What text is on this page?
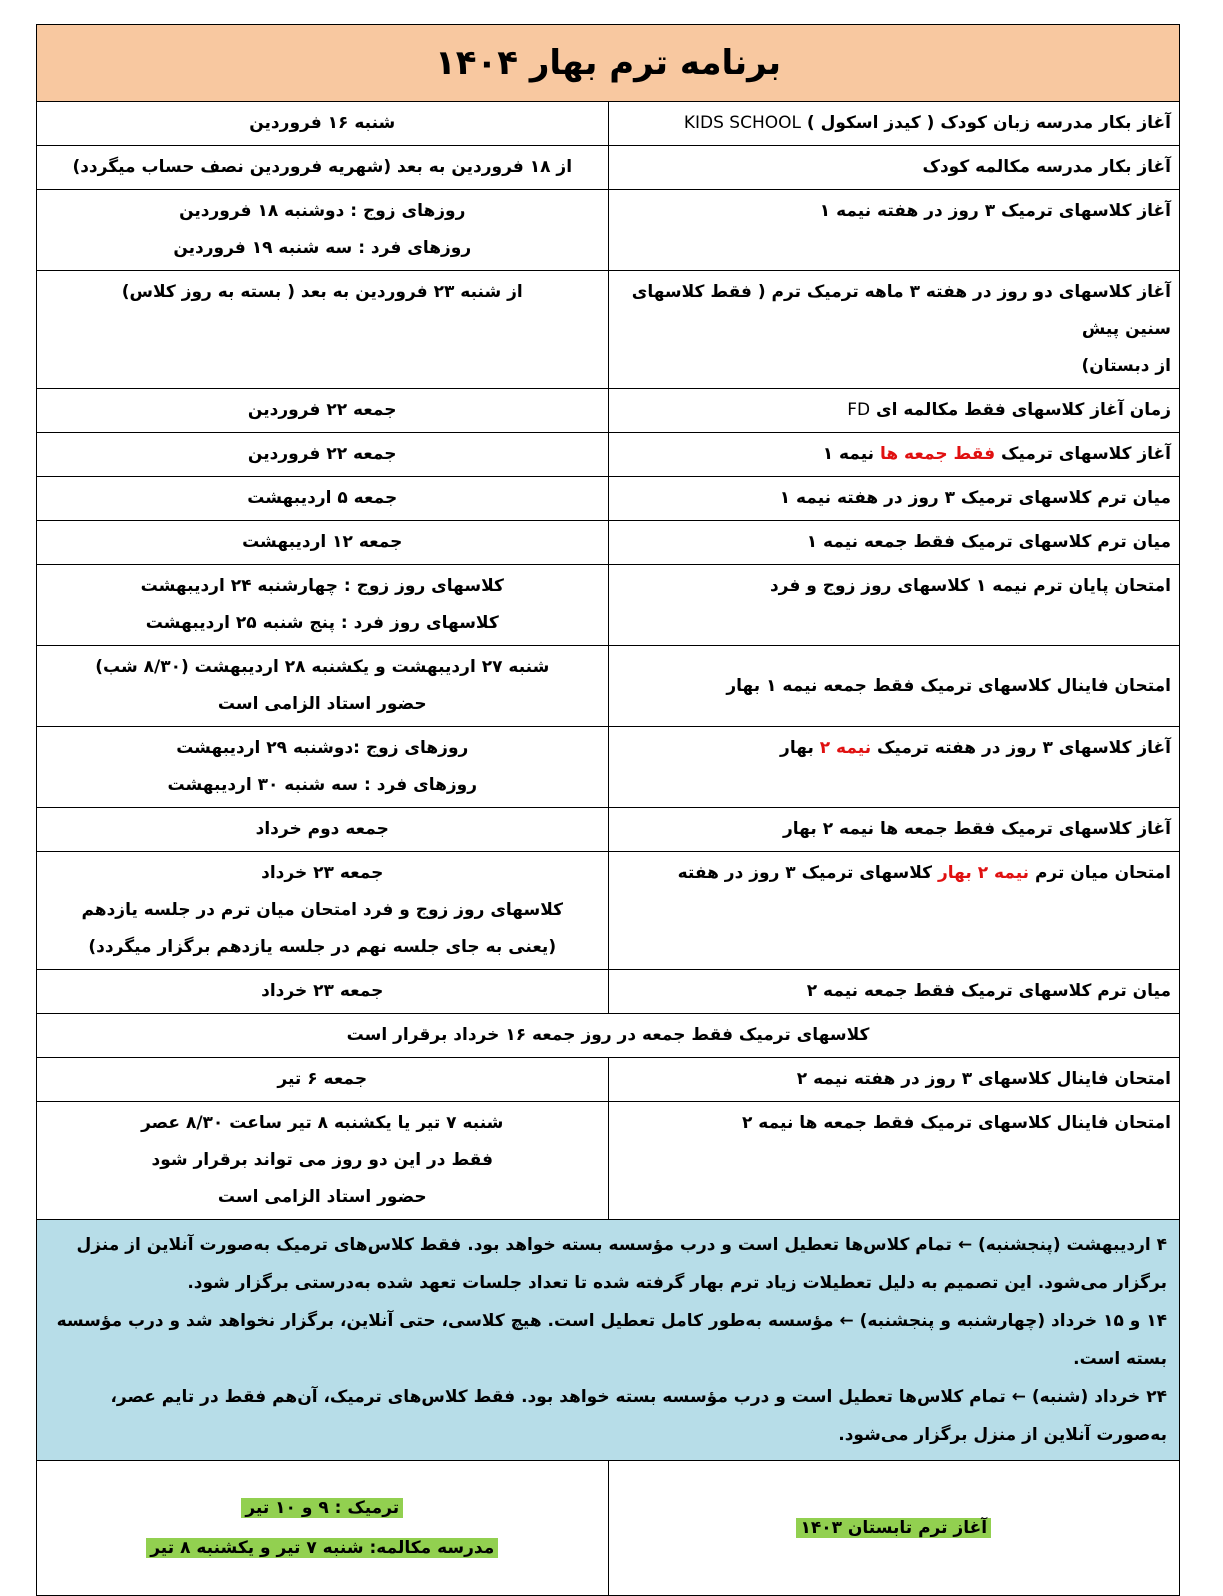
برنامه ترم بهار ۱۴۰۴	
آغاز بکار مدرسه زبان کودک ( کیدز اسکول ) KIDS SCHOOL	شنبه ۱۶ فروردین
آغاز بکار مدرسه مکالمه کودک	از ۱۸ فروردین به بعد (شهریه فروردین نصف حساب میگردد)
آغاز کلاسهای ترمیک ۳ روز در هفته نیمه ۱	روزهای زوج : دوشنبه ۱۸ فروردین
روزهای فرد : سه شنبه ۱۹ فروردین

آغاز کلاسهای دو روز در هفته ۳ ماهه ترمیک ترم ( فقط کلاسهای سنین پیش
از دبستان)	از شنبه ۲۳ فروردین به بعد ( بسته به روز کلاس)
زمان آغاز کلاسهای فقط مکالمه ای FD	جمعه ۲۲ فروردین
آغاز کلاسهای ترمیک فقط جمعه ها نیمه ۱	جمعه ۲۲ فروردین
میان ترم کلاسهای ترمیک ۳ روز در هفته نیمه ۱	جمعه ۵ اردیبهشت
میان ترم کلاسهای ترمیک فقط جمعه نیمه ۱	جمعه ۱۲ اردیبهشت
امتحان پایان ترم نیمه ۱ کلاسهای روز زوج و فرد	کلاسهای روز زوج : چهارشنبه ۲۴ اردیبهشت
کلاسهای روز فرد : پنج شنبه ۲۵ اردیبهشت

امتحان فاینال کلاسهای ترمیک فقط جمعه نیمه ۱ بهار	شنبه ۲۷ اردیبهشت و یکشنبه ۲۸ اردیبهشت (۸/۳۰ شب)
حضور استاد الزامی است

آغاز کلاسهای ۳ روز در هفته ترمیک نیمه ۲ بهار	روزهای زوج :دوشنبه ۲۹ اردیبهشت
روزهای فرد : سه شنبه ۳۰ اردیبهشت

آغاز کلاسهای ترمیک فقط جمعه ها نیمه ۲ بهار	جمعه دوم خرداد
امتحان میان ترم نیمه ۲ بهار کلاسهای ترمیک ۳ روز در هفته	جمعه ۲۳ خرداد
کلاسهای روز زوج و فرد امتحان میان ترم در جلسه یازدهم
(یعنی به جای جلسه نهم در جلسه یازدهم برگزار میگردد)

میان ترم کلاسهای ترمیک فقط جمعه نیمه ۲	جمعه ۲۳ خرداد
کلاسهای ترمیک فقط جمعه در روز جمعه ۱۶ خرداد برقرار است	
امتحان فاینال کلاسهای ۳ روز در هفته نیمه ۲	جمعه ۶ تیر
امتحان فاینال کلاسهای ترمیک فقط جمعه ها نیمه ۲	شنبه ۷ تیر یا یکشنبه ۸ تیر ساعت ۸/۳۰ عصر
فقط در این دو روز می تواند برقرار شود
حضور استاد الزامی است

۴ اردیبهشت (پنجشنبه) ← تمام کلاس‌ها تعطیل است و درب مؤسسه بسته خواهد بود. فقط کلاس‌های ترمیک به‌صورت آنلاین از منزل برگزار می‌شود. این تصمیم به دلیل تعطیلات زیاد ترم بهار گرفته شده تا تعداد جلسات تعهد شده به‌درستی برگزار شود.
۱۴ و ۱۵ خرداد (چهارشنبه و پنجشنبه) ← مؤسسه به‌طور کامل تعطیل است. هیچ کلاسی، حتی آنلاین، برگزار نخواهد شد و درب مؤسسه بسته است.
۲۴ خرداد (شنبه) ← تمام کلاس‌ها تعطیل است و درب مؤسسه بسته خواهد بود. فقط کلاس‌های ترمیک، آن‌هم فقط در تایم عصر، به‌صورت آنلاین از منزل برگزار می‌شود.	

آغاز ترم تابستان ۱۴۰۳	ترمیک : ۹ و ۱۰ تیر
مدرسه مکالمه: شنبه ۷ تیر و یکشنبه ۸ تیر
